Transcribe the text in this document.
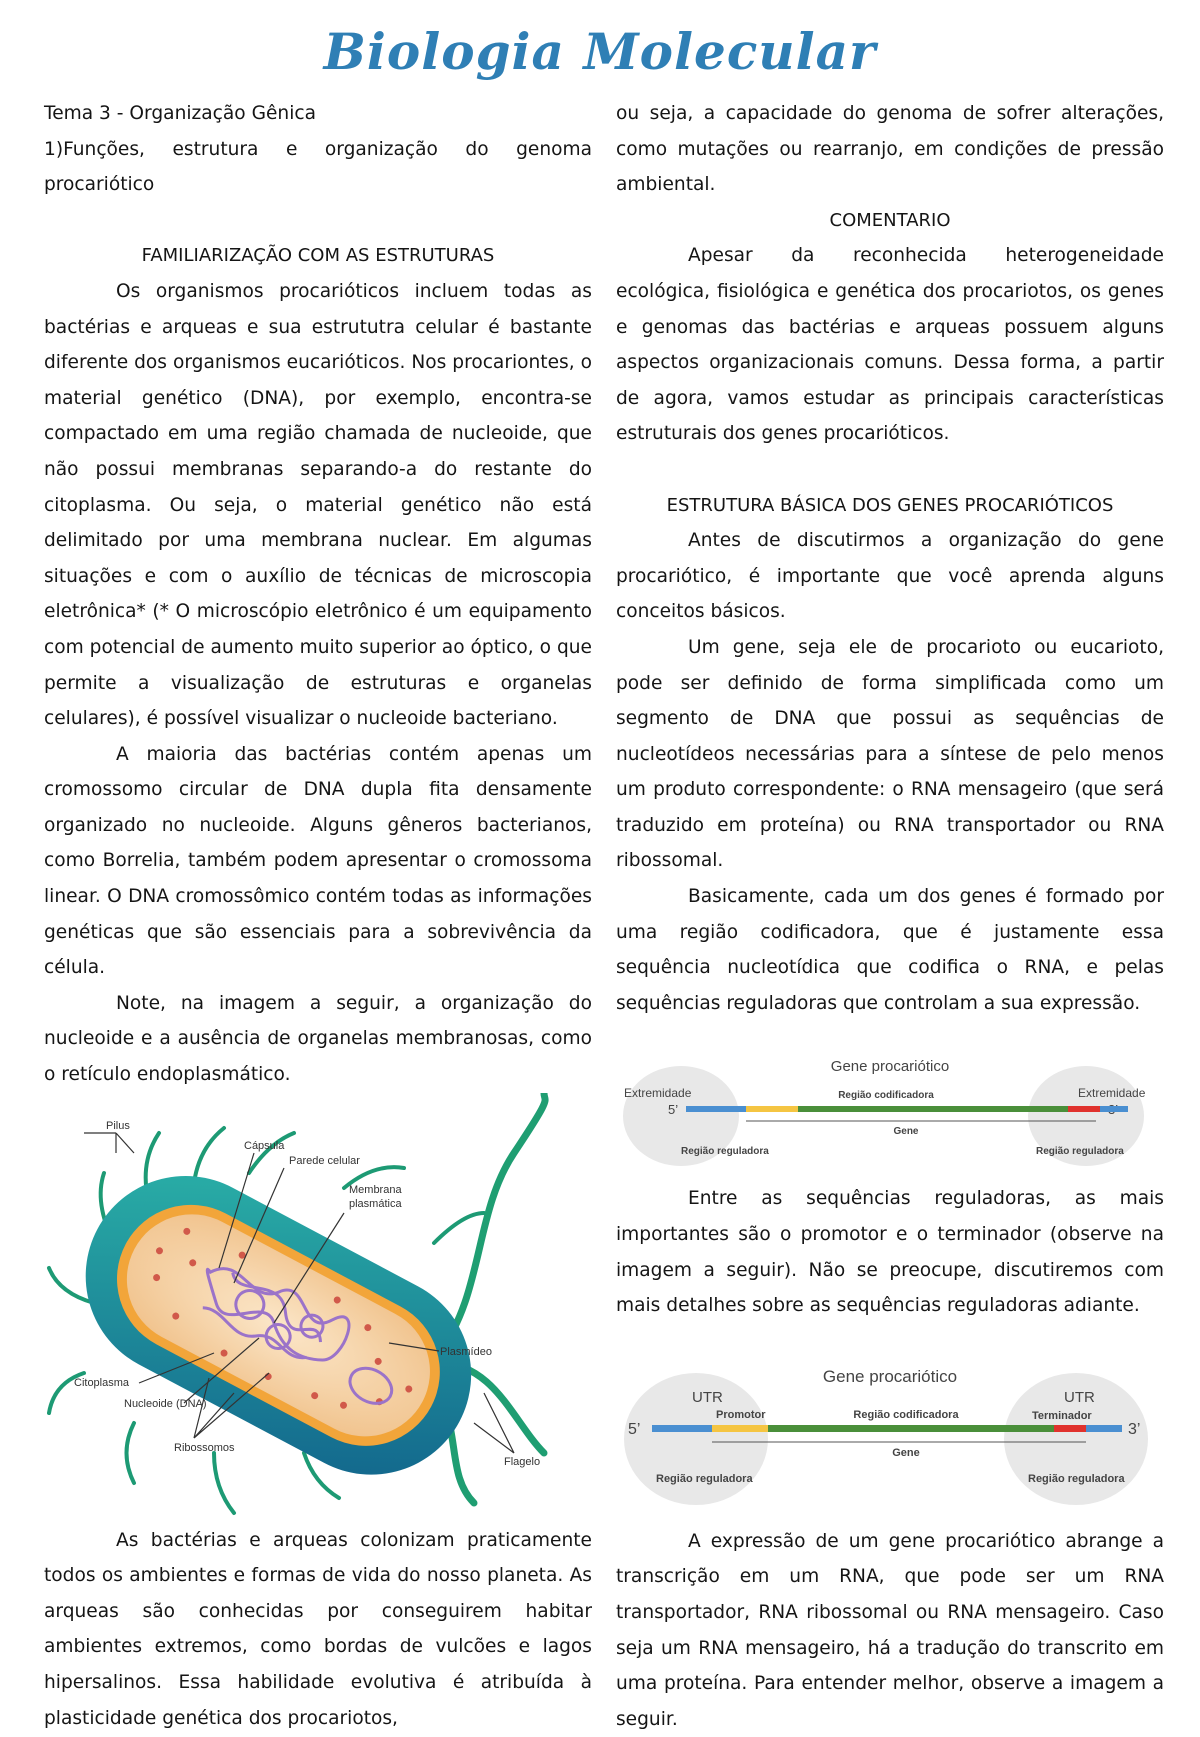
Biologia Molecular

Tema 3 - Organização Gênica

1)Funções, estrutura e organização do genoma procariótico

FAMILIARIZAÇÃO COM AS ESTRUTURAS

Os organismos procarióticos incluem todas as bactérias e arqueas e sua estrututra celular é bastante diferente dos organismos eucarióticos. Nos procariontes, o material genético (DNA), por exemplo, encontra-se compactado em uma região chamada de nucleoide, que não possui membranas separando-a do restante do citoplasma. Ou seja, o material genético não está delimitado por uma membrana nuclear. Em algumas situações e com o auxílio de técnicas de microscopia eletrônica* (* O microscópio eletrônico é um equipamento com potencial de aumento muito superior ao óptico, o que permite a visualização de estruturas e organelas celulares), é possível visualizar o nucleoide bacteriano.

A maioria das bactérias contém apenas um cromossomo circular de DNA dupla fita densamente organizado no nucleoide. Alguns gêneros bacterianos, como Borrelia, também podem apresentar o cromossoma linear. O DNA cromossômico contém todas as informações genéticas que são essenciais para a sobrevivência da célula.

Note, na imagem a seguir, a organização do nucleoide e a ausência de organelas membranosas, como o retículo endoplasmático.

Pilus
Cápsula
Parede celular
Membrana
plasmática
Plasmídeo
Citoplasma
Nucleoide (DNA)
Ribossomos
Flagelo

As bactérias e arqueas colonizam praticamente todos os ambientes e formas de vida do nosso planeta. As arqueas são conhecidas por conseguirem habitar ambientes extremos, como bordas de vulcões e lagos hipersalinos. Essa habilidade evolutiva é atribuída à plasticidade genética dos procariotos,

ou seja, a capacidade do genoma de sofrer alterações, como mutações ou rearranjo, em condições de pressão ambiental.

COMENTARIO

Apesar da reconhecida heterogeneidade ecológica, fisiológica e genética dos procariotos, os genes e genomas das bactérias e arqueas possuem alguns aspectos organizacionais comuns. Dessa forma, a partir de agora, vamos estudar as principais características estruturais dos genes procarióticos.

ESTRUTURA BÁSICA DOS GENES PROCARIÓTICOS

Antes de discutirmos a organização do gene procariótico, é importante que você aprenda alguns conceitos básicos.

Um gene, seja ele de procarioto ou eucarioto, pode ser definido de forma simplificada como um segmento de DNA que possui as sequências de nucleotídeos necessárias para a síntese de pelo menos um produto correspondente: o RNA mensageiro (que será traduzido em proteína) ou RNA transportador ou RNA ribossomal.

Basicamente, cada um dos genes é formado por uma região codificadora, que é justamente essa sequência nucleotídica que codifica o RNA, e pelas sequências reguladoras que controlam a sua expressão.

Gene procariótico
Extremidade
5’
Região codificadora	Extremidade
Gene
Região reguladora	Região reguladora

Entre as sequências reguladoras, as mais importantes são o promotor e o terminador (observe na imagem a seguir). Não se preocupe, discutiremos com mais detalhes sobre as sequências reguladoras adiante.

Gene procariótico
UTR
Promotor	Região codificadora
UTR
Terminador
5’	3’
Gene
Região reguladora	Região reguladora

A expressão de um gene procariótico abrange a transcrição em um RNA, que pode ser um RNA transportador, RNA ribossomal ou RNA mensageiro. Caso seja um RNA mensageiro, há a tradução do transcrito em uma proteína. Para entender melhor, observe a imagem a seguir.
